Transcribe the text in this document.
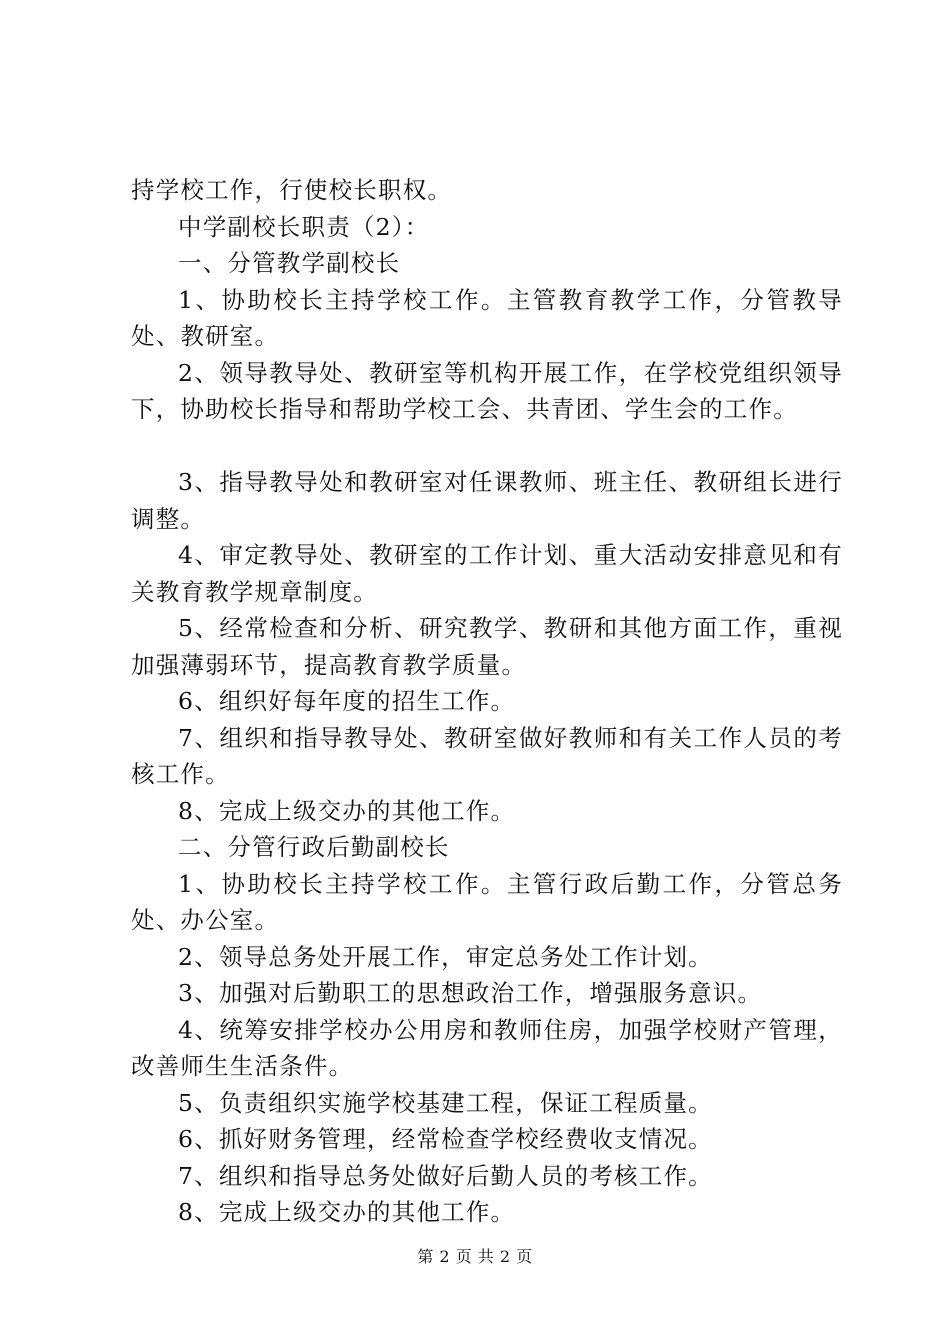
持学校工作，行使校长职权。

中学副校长职责（2）：

一、分管教学副校长

1、协助校长主持学校工作。主管教育教学工作，分管教导处、教研室。

2、领导教导处、教研室等机构开展工作，在学校党组织领导下，协助校长指导和帮助学校工会、共青团、学生会的工作。

3、指导教导处和教研室对任课教师、班主任、教研组长进行调整。

4、审定教导处、教研室的工作计划、重大活动安排意见和有关教育教学规章制度。

5、经常检查和分析、研究教学、教研和其他方面工作，重视加强薄弱环节，提高教育教学质量。

6、组织好每年度的招生工作。

7、组织和指导教导处、教研室做好教师和有关工作人员的考核工作。

8、完成上级交办的其他工作。

二、分管行政后勤副校长

1、协助校长主持学校工作。主管行政后勤工作，分管总务处、办公室。

2、领导总务处开展工作，审定总务处工作计划。

3、加强对后勤职工的思想政治工作，增强服务意识。

4、统筹安排学校办公用房和教师住房，加强学校财产管理，改善师生生活条件。

5、负责组织实施学校基建工程，保证工程质量。

6、抓好财务管理，经常检查学校经费收支情况。

7、组织和指导总务处做好后勤人员的考核工作。

8、完成上级交办的其他工作。

第 2 页 共 2 页
